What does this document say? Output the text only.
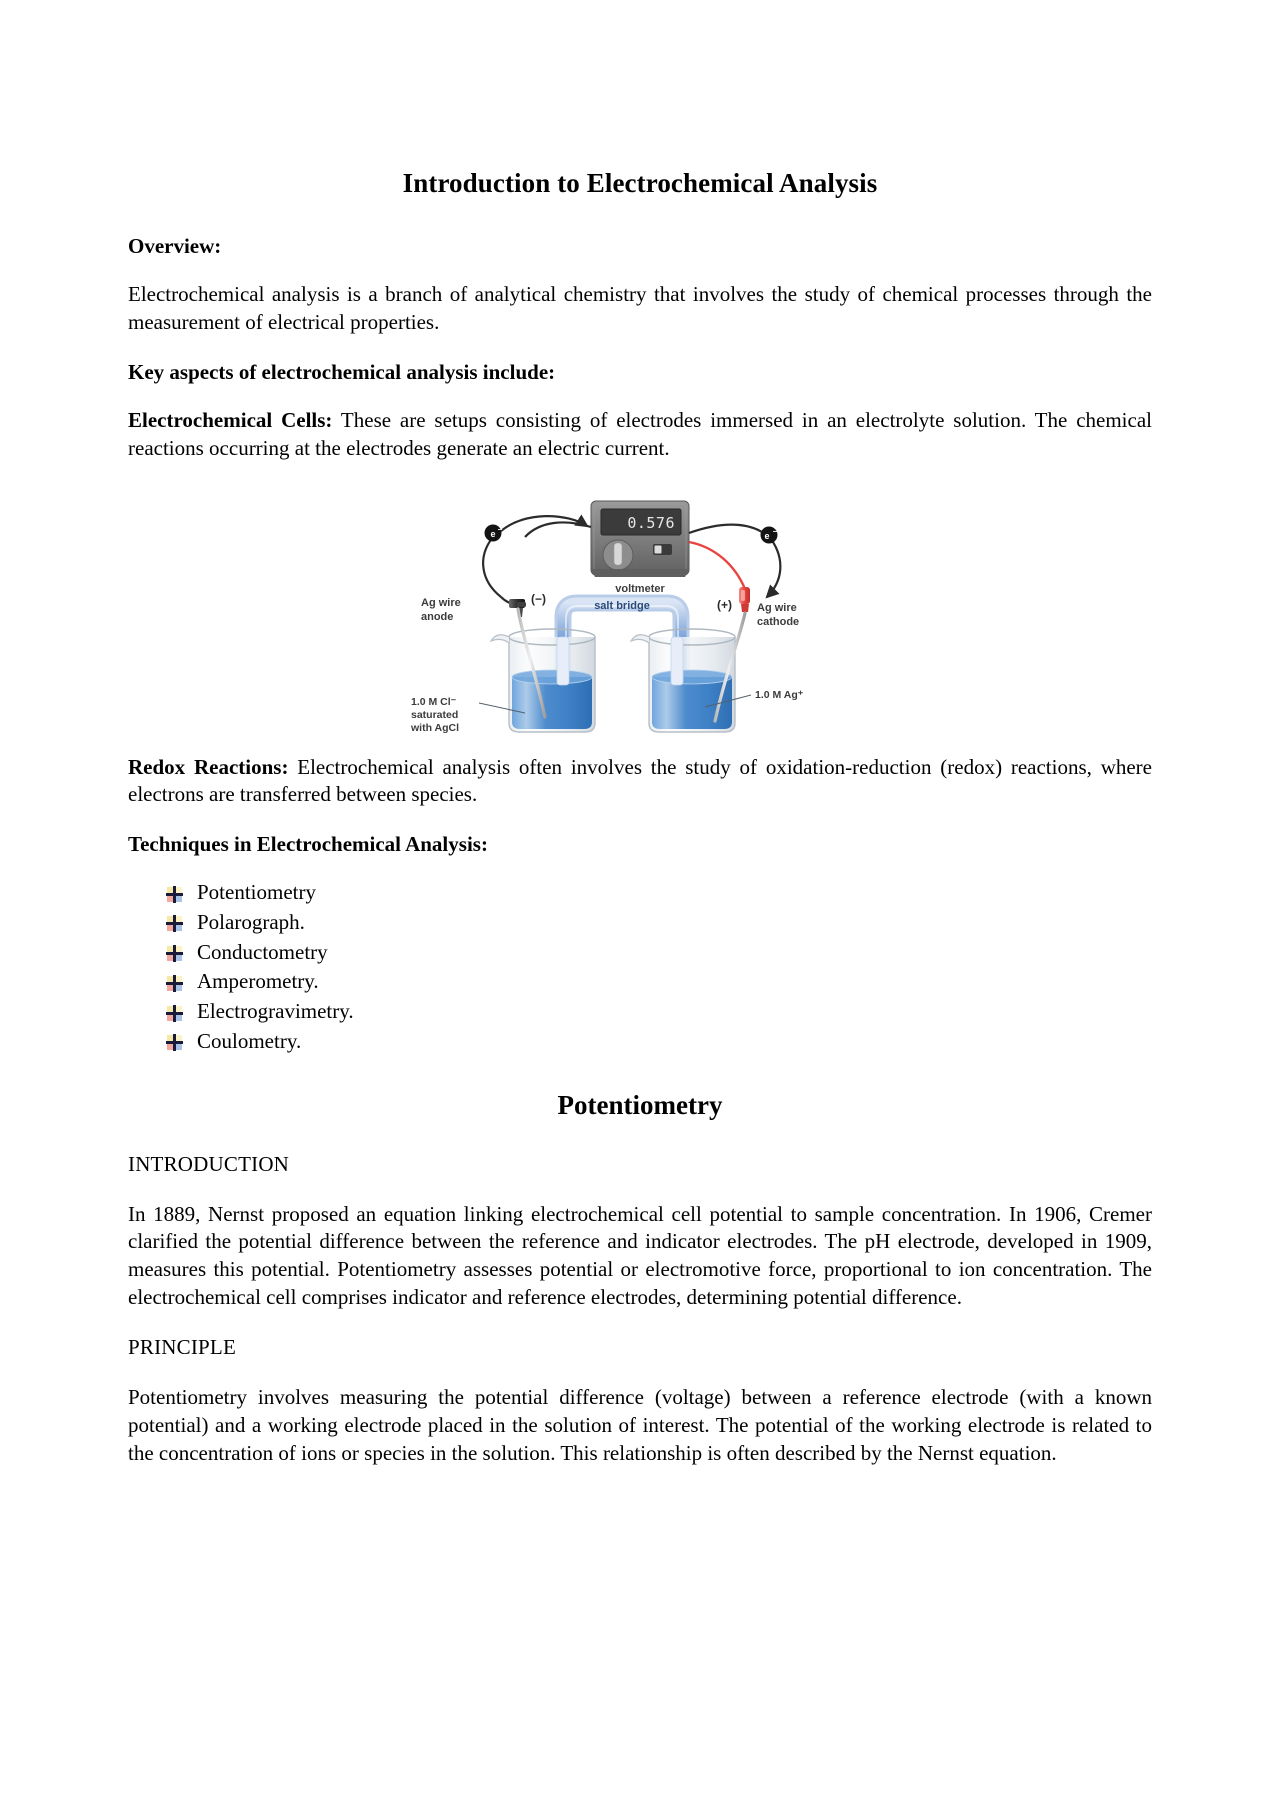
Introduction to Electrochemical Analysis
Overview:

Electrochemical analysis is a branch of analytical chemistry that involves the study of chemical processes through the measurement of electrical properties.

Key aspects of electrochemical analysis include:

Electrochemical Cells: These are setups consisting of electrodes immersed in an electrolyte solution. The chemical reactions occurring at the electrodes generate an electric current.

0.576
voltmeter
e −
e −
Ag wire
anode
(−)	(+) Ag wire
cathode
salt bridge
1.0 M Cl⁻
saturated
with AgCl
1.0 M Ag⁺

Redox Reactions: Electrochemical analysis often involves the study of oxidation-reduction (redox) reactions, where electrons are transferred between species.

Techniques in Electrochemical Analysis:
Potentiometry
Polarograph.
Conductometry
Amperometry.
Electrogravimetry.
Coulometry.
Potentiometry

INTRODUCTION

In 1889, Nernst proposed an equation linking electrochemical cell potential to sample concentration. In 1906, Cremer clarified the potential difference between the reference and indicator electrodes. The pH electrode, developed in 1909, measures this potential. Potentiometry assesses potential or electromotive force, proportional to ion concentration. The electrochemical cell comprises indicator and reference electrodes, determining potential difference.

PRINCIPLE

Potentiometry involves measuring the potential difference (voltage) between a reference electrode (with a known potential) and a working electrode placed in the solution of interest. The potential of the working electrode is related to the concentration of ions or species in the solution. This relationship is often described by the Nernst equation.
